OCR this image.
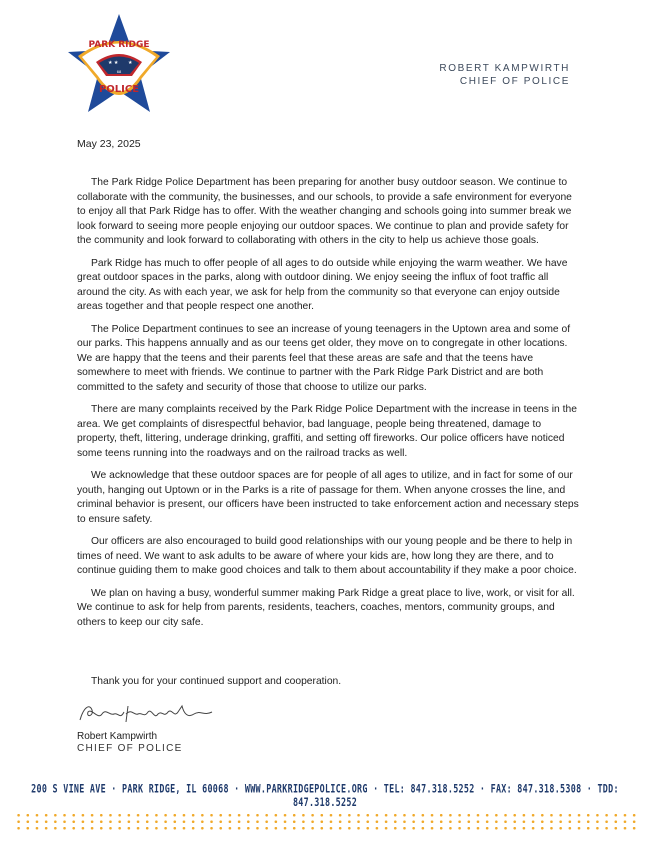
★ ★ ★
PARK RIDGE
POLICE
68	ROBERT KAMPWIRTH
CHIEF OF POLICE
May 23, 2025

The Park Ridge Police Department has been preparing for another busy outdoor season. We continue to collaborate with the community, the businesses, and our schools, to provide a safe environment for everyone to enjoy all that Park Ridge has to offer. With the weather changing and schools going into summer break we look forward to seeing more people enjoying our outdoor spaces. We continue to plan and provide safety for the community and look forward to collaborating with others in the city to help us achieve those goals.

Park Ridge has much to offer people of all ages to do outside while enjoying the warm weather. We have great outdoor spaces in the parks, along with outdoor dining. We enjoy seeing the influx of foot traffic all around the city. As with each year, we ask for help from the community so that everyone can enjoy outside areas together and that people respect one another.

The Police Department continues to see an increase of young teenagers in the Uptown area and some of our parks. This happens annually and as our teens get older, they move on to congregate in other locations. We are happy that the teens and their parents feel that these areas are safe and that the teens have somewhere to meet with friends. We continue to partner with the Park Ridge Park District and are both committed to the safety and security of those that choose to utilize our parks.

There are many complaints received by the Park Ridge Police Department with the increase in teens in the area. We get complaints of disrespectful behavior, bad language, people being threatened, damage to property, theft, littering, underage drinking, graffiti, and setting off fireworks. Our police officers have noticed some teens running into the roadways and on the railroad tracks as well.

We acknowledge that these outdoor spaces are for people of all ages to utilize, and in fact for some of our youth, hanging out Uptown or in the Parks is a rite of passage for them. When anyone crosses the line, and criminal behavior is present, our officers have been instructed to take enforcement action and necessary steps to ensure safety.

Our officers are also encouraged to build good relationships with our young people and be there to help in times of need. We want to ask adults to be aware of where your kids are, how long they are there, and to continue guiding them to make good choices and talk to them about accountability if they make a poor choice.

We plan on having a busy, wonderful summer making Park Ridge a great place to live, work, or visit for all. We continue to ask for help from parents, residents, teachers, coaches, mentors, community groups, and others to keep our city safe.

Thank you for your continued support and cooperation.
Robert Kampwirth
CHIEF OF POLICE
200 S VINE AVE · PARK RIDGE, IL 60068 · WWW.PARKRIDGEPOLICE.ORG · TEL: 847.318.5252 · FAX: 847.318.5308 · TDD: 847.318.5252
